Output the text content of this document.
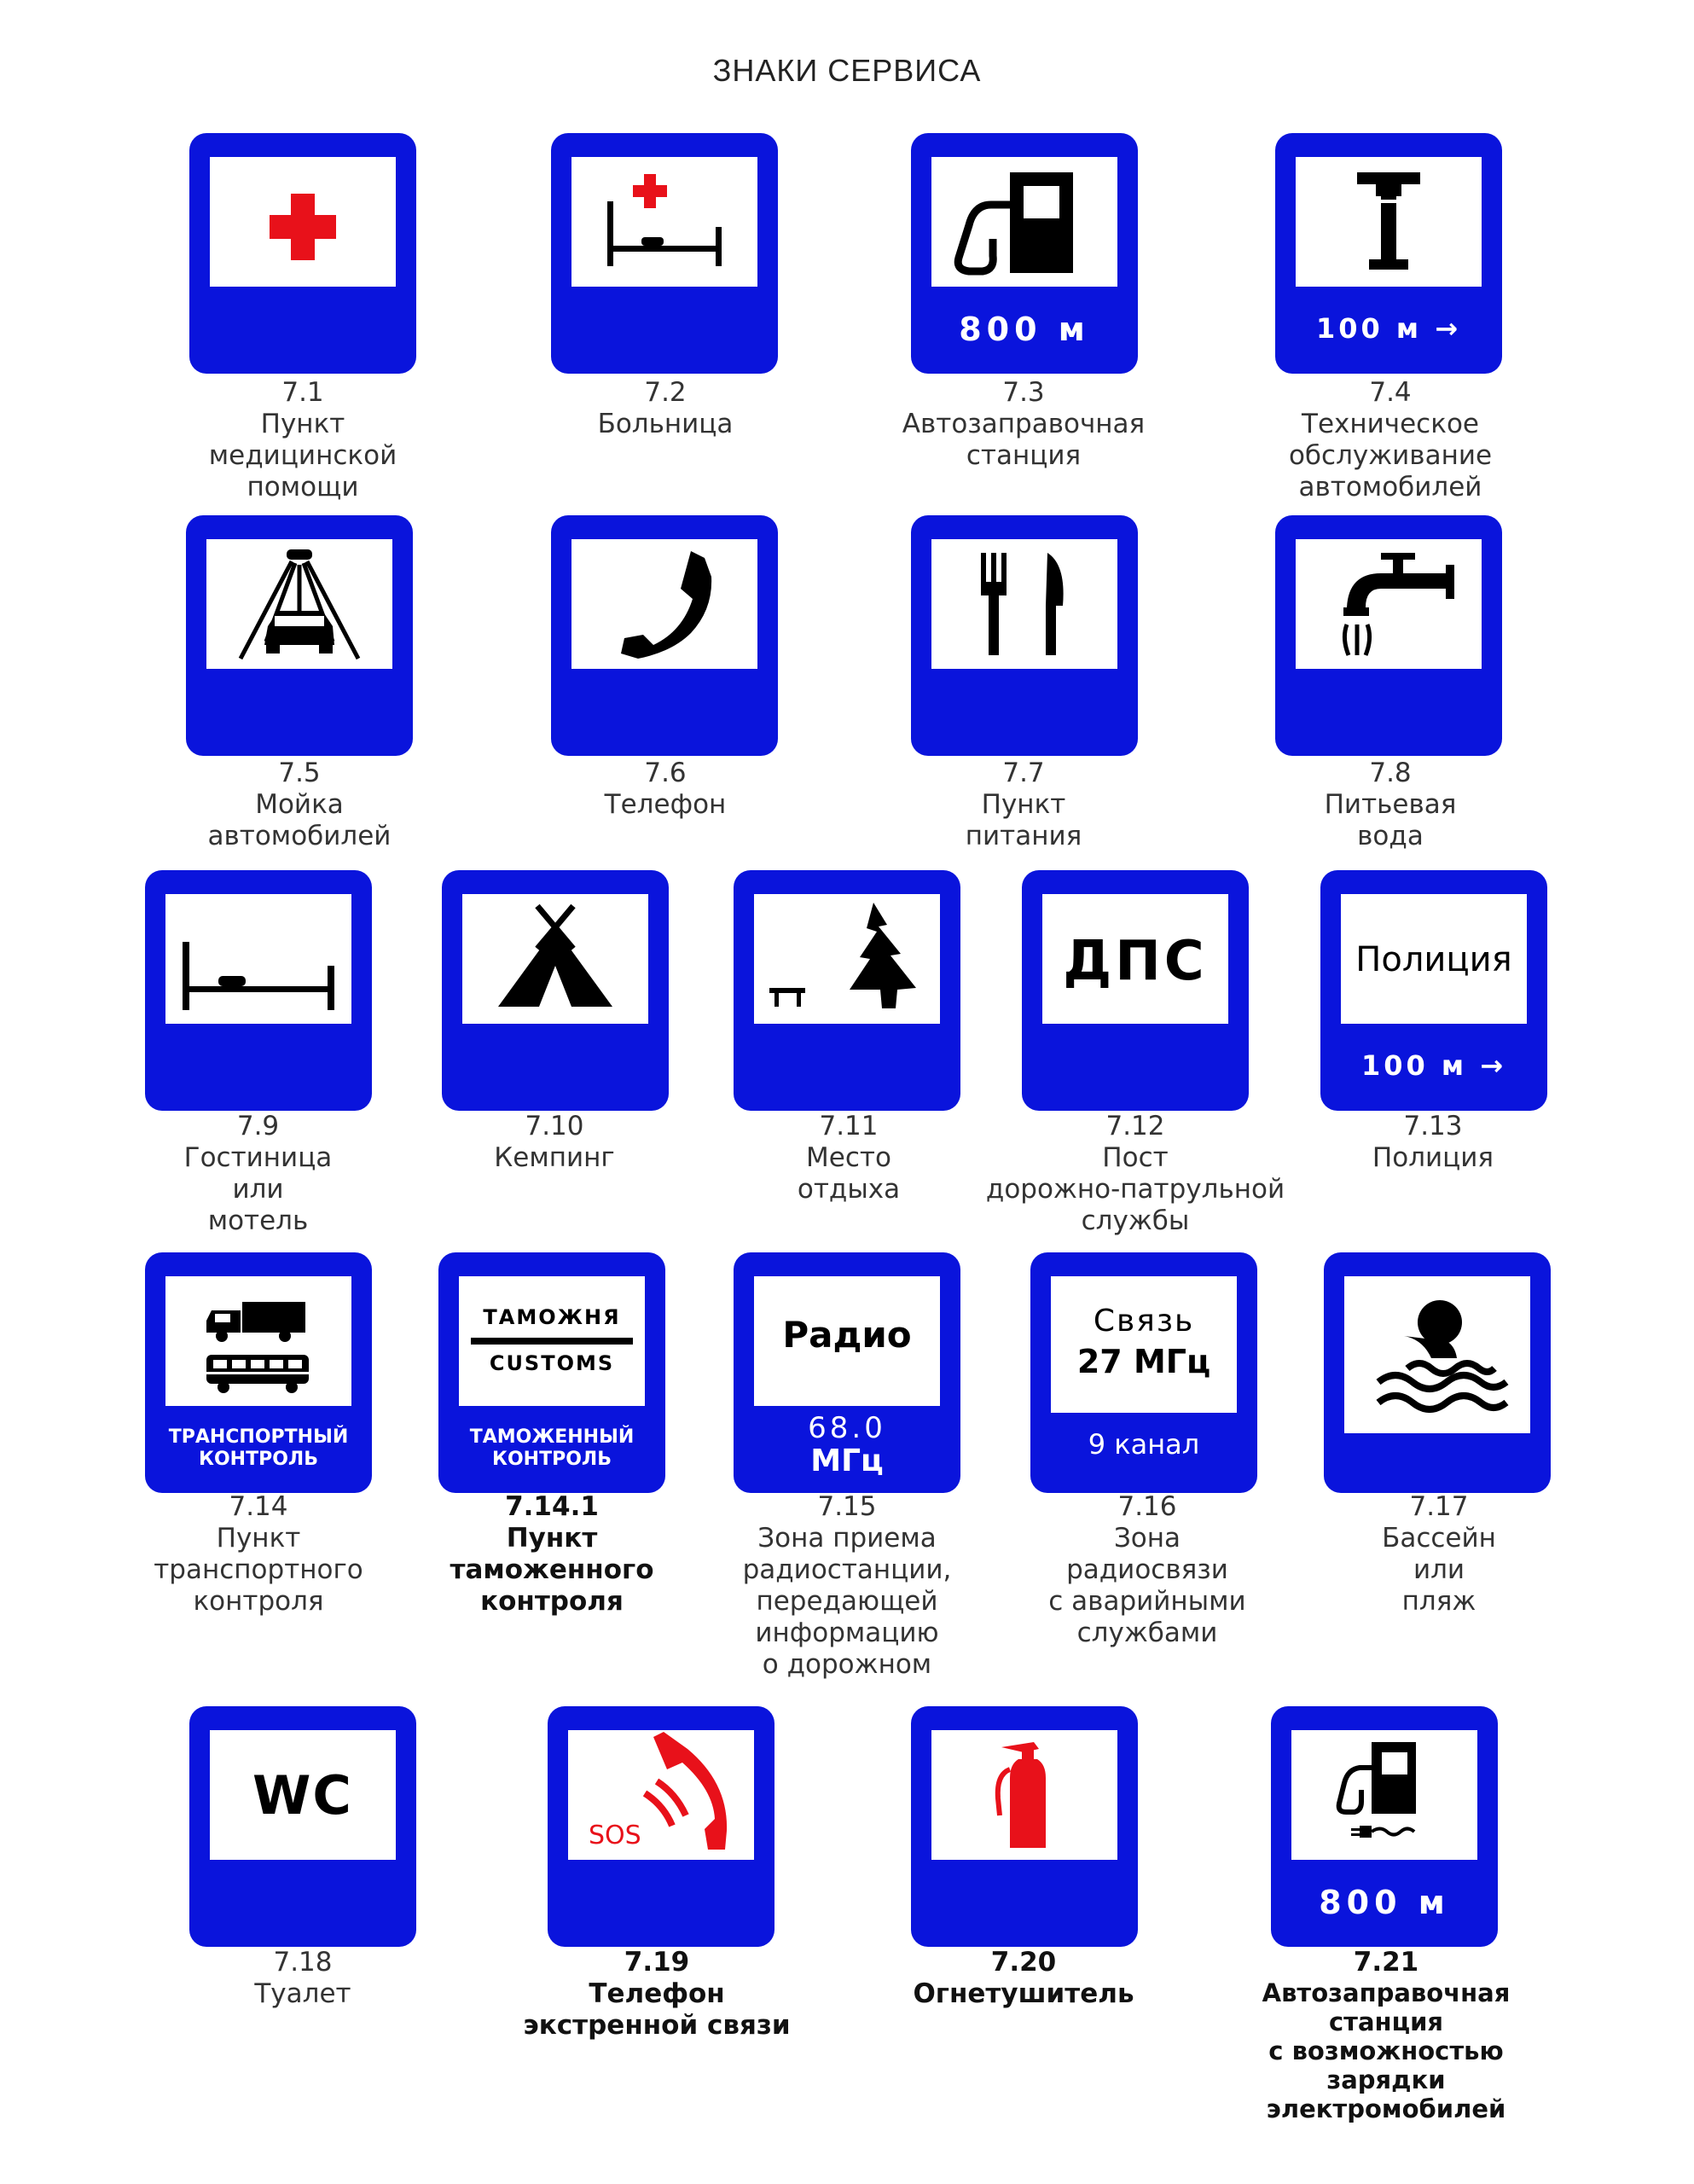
ЗНАКИ СЕРВИСА
7.1
Пункт
медицинской
помощи
7.2
Больница
800 м
7.3
Автозаправочная
станция
100 м →
7.4
Техническое
обслуживание
автомобилей
7.5
Мойка
автомобилей
7.6
Телефон
7.7
Пункт
питания
7.8
Питьевая
вода
7.9
Гостиница
или
мотель
7.10
Кемпинг
7.11
Место
отдыха
ДПС
7.12
Пост
дорожно-патрульной
службы
Полиция
100 м →
7.13
Полиция
ТРАНСПОРТНЫЙ
КОНТРОЛЬ
7.14
Пункт
транспортного
контроля
ТАМОЖНЯ
CUSTOMS
ТАМОЖЕННЫЙ
КОНТРОЛЬ
7.14.1
Пункт
таможенного
контроля
Радио
68.0
МГц
7.15
Зона приема
радиостанции,
передающей
информацию
о дорожном
Связь
27 МГц
9 канал
7.16
Зона
радиосвязи
с аварийными
службами
7.17
Бассейн
или
пляж
WC
7.18
Туалет
SOS
7.19
Телефон
экстренной связи
7.20
Огнетушитель
800 м
7.21
Автозаправочная
станция
с возможностью
зарядки
электромобилей
